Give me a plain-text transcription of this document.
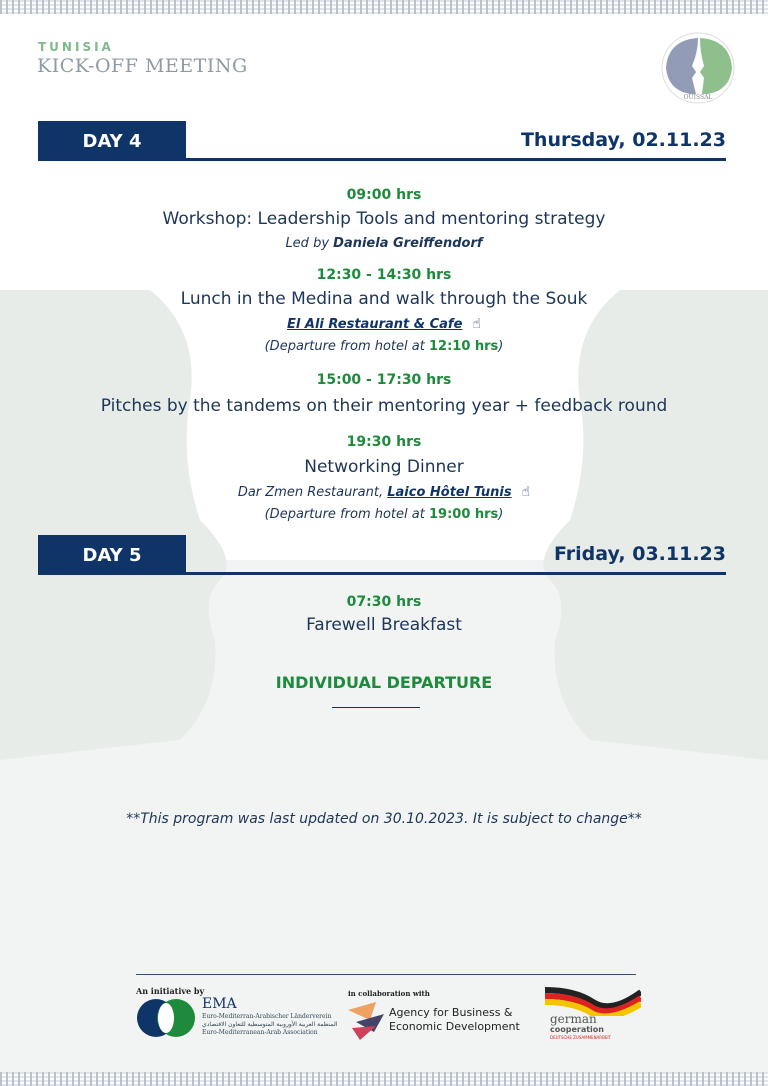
TUNISIA
KICK-OFF MEETING
OUISSAL
DAY 4	Thursday, 02.11.23
09:00 hrs
Workshop: Leadership Tools and mentoring strategy
Led by Daniela Greiffendorf
12:30 - 14:30 hrs
Lunch in the Medina and walk through the Souk
El Ali Restaurant & Cafe ☝
(Departure from hotel at 12:10 hrs)
15:00 - 17:30 hrs
Pitches by the tandems on their mentoring year + feedback round
19:30 hrs
Networking Dinner
Dar Zmen Restaurant, Laico Hôtel Tunis ☝
(Departure from hotel at 19:00 hrs)
DAY 5	Friday, 03.11.23
07:30 hrs
Farewell Breakfast
INDIVIDUAL DEPARTURE
**This program was last updated on 30.10.2023. It is subject to change**
An initiative by
EMA
Euro-Mediterran-Arabischer Länderverein
المنظمة العربية الأوروبية المتوسطية للتعاون الاقتصادي
Euro-Mediterranean-Arab Association
in collaboration with
Agency for Business &
Economic Development
german
cooperation
DEUTSCHE ZUSAMMENARBEIT
